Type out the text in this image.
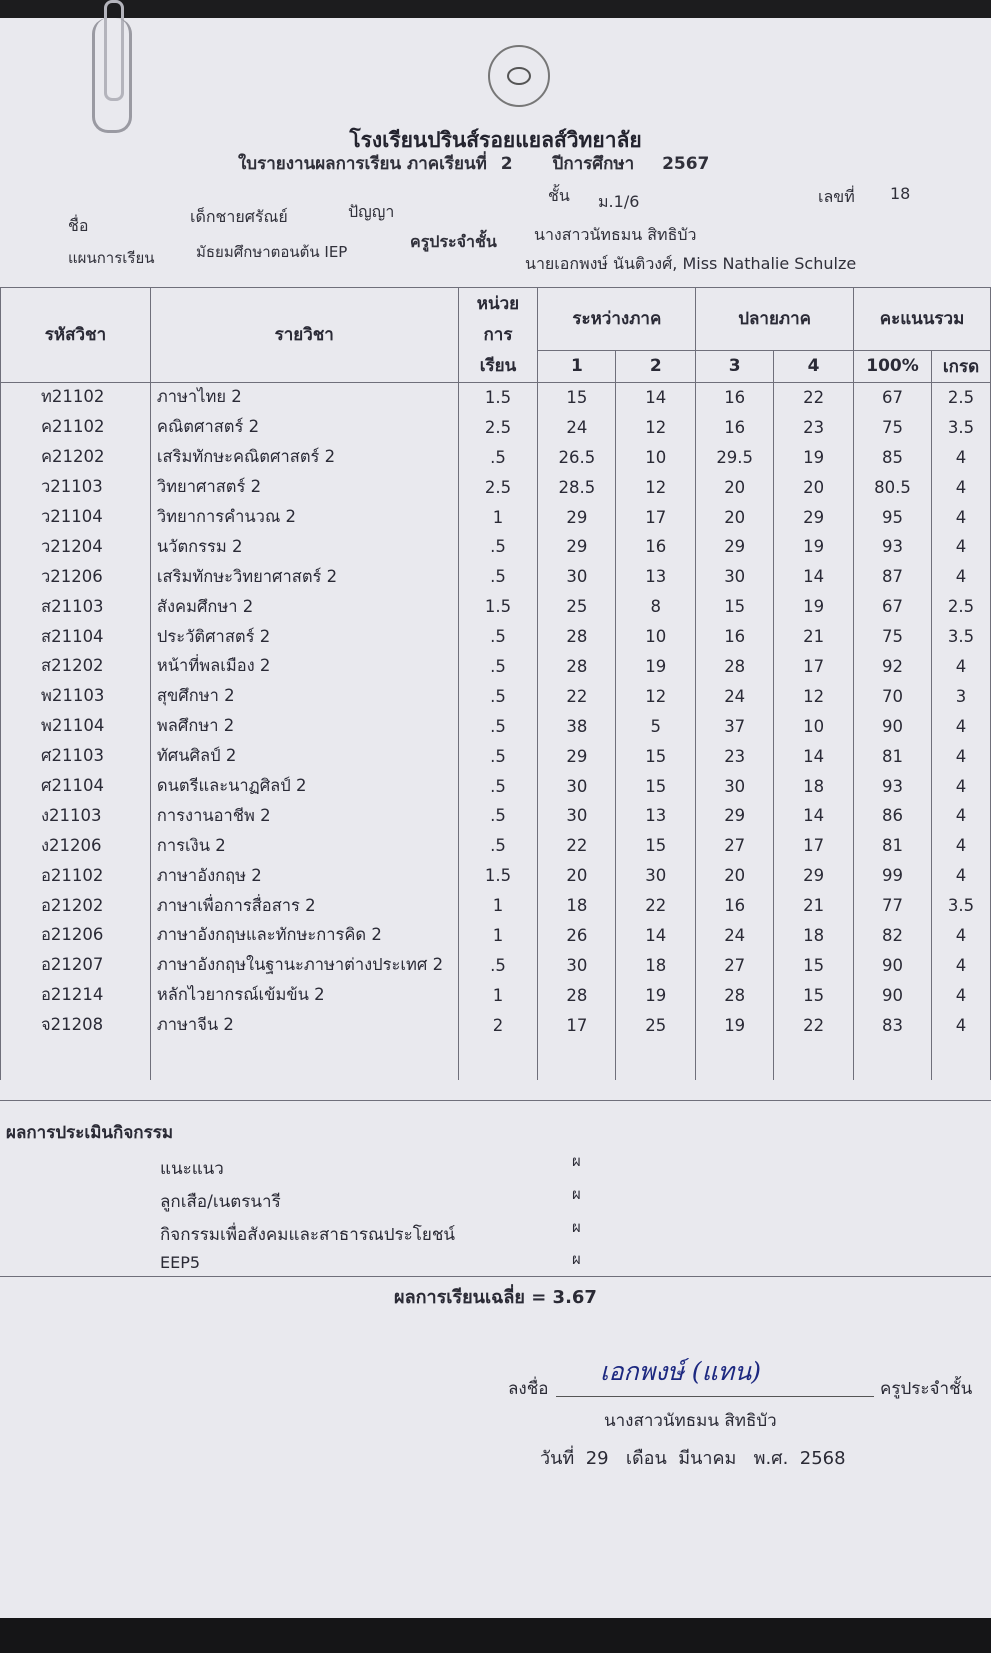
โรงเรียนปรินส์รอยแยลส์วิทยาลัย
ใบรายงานผลการเรียน ภาคเรียนที่ 2 ปีการศึกษา 2567
ชื่อ	เด็กชายศรัณย์	ปัญญา
ชั้น ม.1/6	เลขที่ 18
แผนการเรียน	มัธยมศึกษาตอนต้น IEP
ครูประจำชั้น นางสาวนัทธมน สิทธิบัว
นายเอกพงษ์ นันติวงศ์, Miss Nathalie Schulze
รหัสวิชา	รายวิชา	หน่วย	ระหว่างภาค		ปลายภาค		คะแนนรวม	
		การ						
		เรียน	1	2	3	4	100%	เกรด
ท21102	ภาษาไทย 2	1.5	15	14	16	22	67	2.5
ค21102	คณิตศาสตร์ 2	2.5	24	12	16	23	75	3.5
ค21202	เสริมทักษะคณิตศาสตร์ 2	.5	26.5	10	29.5	19	85	4
ว21103	วิทยาศาสตร์ 2	2.5	28.5	12	20	20	80.5	4
ว21104	วิทยาการคำนวณ 2	1	29	17	20	29	95	4
ว21204	นวัตกรรม 2	.5	29	16	29	19	93	4
ว21206	เสริมทักษะวิทยาศาสตร์ 2	.5	30	13	30	14	87	4
ส21103	สังคมศึกษา 2	1.5	25	8	15	19	67	2.5
ส21104	ประวัติศาสตร์ 2	.5	28	10	16	21	75	3.5
ส21202	หน้าที่พลเมือง 2	.5	28	19	28	17	92	4
พ21103	สุขศึกษา 2	.5	22	12	24	12	70	3
พ21104	พลศึกษา 2	.5	38	5	37	10	90	4
ศ21103	ทัศนศิลป์ 2	.5	29	15	23	14	81	4
ศ21104	ดนตรีและนาฏศิลป์ 2	.5	30	15	30	18	93	4
ง21103	การงานอาชีพ 2	.5	30	13	29	14	86	4
ง21206	การเงิน 2	.5	22	15	27	17	81	4
อ21102	ภาษาอังกฤษ 2	1.5	20	30	20	29	99	4
อ21202	ภาษาเพื่อการสื่อสาร 2	1	18	22	16	21	77	3.5
อ21206	ภาษาอังกฤษและทักษะการคิด 2	1	26	14	24	18	82	4
อ21207	ภาษาอังกฤษในฐานะภาษาต่างประเทศ 2	.5	30	18	27	15	90	4
อ21214	หลักไวยากรณ์เข้มข้น 2	1	28	19	28	15	90	4
จ21208	ภาษาจีน 2	2	17	25	19	22	83	4

ผลการประเมินกิจกรรม
แนะแนว	ผ
ลูกเสือ/เนตรนารี	ผ
กิจกรรมเพื่อสังคมและสาธารณประโยชน์	ผ
EEP5	ผ
ผลการเรียนเฉลี่ย = 3.67
ลงชื่อ
เอกพงษ์ (แทน)
ครูประจำชั้น
นางสาวนัทธมน สิทธิบัว
วันที่ 29 เดือน มีนาคม พ.ศ. 2568
